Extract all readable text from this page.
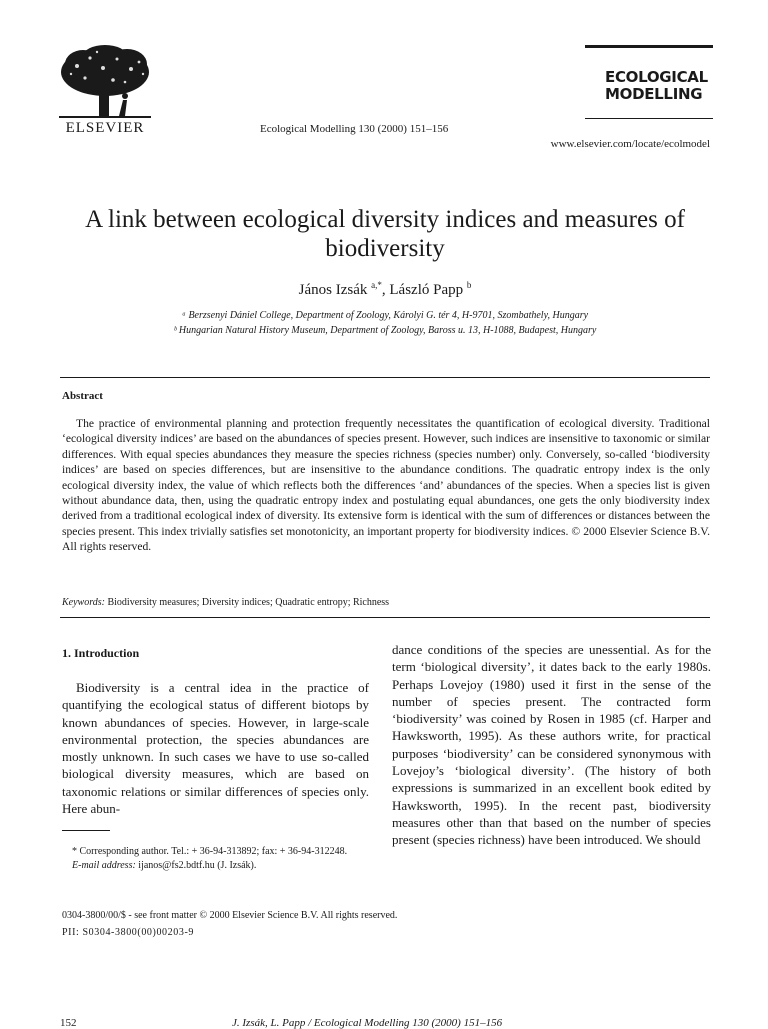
ELSEVIER	Ecological Modelling 130 (2000) 151–156
ECOLOGICAL
MODELLING
www.elsevier.com/locate/ecolmodel
A link between ecological diversity indices and measures of biodiversity
János Izsák $^{a,*}$, László Papp $^b$
ᵃ Berzsenyi Dániel College, Department of Zoology, Károlyi G. tér 4, H-9701, Szombathely, Hungary
ᵇ Hungarian Natural History Museum, Department of Zoology, Baross u. 13, H-1088, Budapest, Hungary
Abstract
The practice of environmental planning and protection frequently necessitates the quantification of ecological diversity. Traditional ‘ecological diversity indices’ are based on the abundances of species present. However, such indices are insensitive to taxonomic or similar differences. With equal species abundances they measure the species richness (species number) only. Conversely, so-called ‘biodiversity indices’ are based on species differences, but are insensitive to the abundance conditions. The quadratic entropy index is the only ecological diversity index, the value of which reflects both the differences ‘and’ abundances of the species. When a species list is given without abundance data, then, using the quadratic entropy index and postulating equal abundances, one gets the only biodiversity index derived from a traditional ecological index of diversity. Its extensive form is identical with the sum of differences or distances between the species present. This index trivially satisfies set monotonicity, an important property for biodiversity indices. © 2000 Elsevier Science B.V. All rights reserved.
Keywords: Biodiversity measures; Diversity indices; Quadratic entropy; Richness
1. Introduction
Biodiversity is a central idea in the practice of quantifying the ecological status of different biotops by known abundances of species. However, in large-scale environmental protection, the species abundances are mostly unknown. In such cases we have to use so-called biological diversity measures, which are based on taxonomic relations or similar differences of species only. Here abun-
dance conditions of the species are unessential. As for the term ‘biological diversity’, it dates back to the early 1980s. Perhaps Lovejoy (1980) used it first in the sense of the number of species present. The contracted form ‘biodiversity’ was coined by Rosen in 1985 (cf. Harper and Hawksworth, 1995). As these authors write, for practical purposes ‘biodiversity’ can be considered synonymous with Lovejoy’s ‘biological diversity’. (The history of both expressions is summarized in an excellent book edited by Hawksworth, 1995). In the recent past, biodiversity measures other than that based on the number of species present (species richness) have been introduced. We should
* Corresponding author. Tel.: + 36-94-313892; fax: + 36-94-312248.
E-mail address: ijanos@fs2.bdtf.hu (J. Izsák).
0304-3800/00/$ - see front matter © 2000 Elsevier Science B.V. All rights reserved.
PII: S0304-3800(00)00203-9
152	J. Izsák, L. Papp / Ecological Modelling 130 (2000) 151–156
